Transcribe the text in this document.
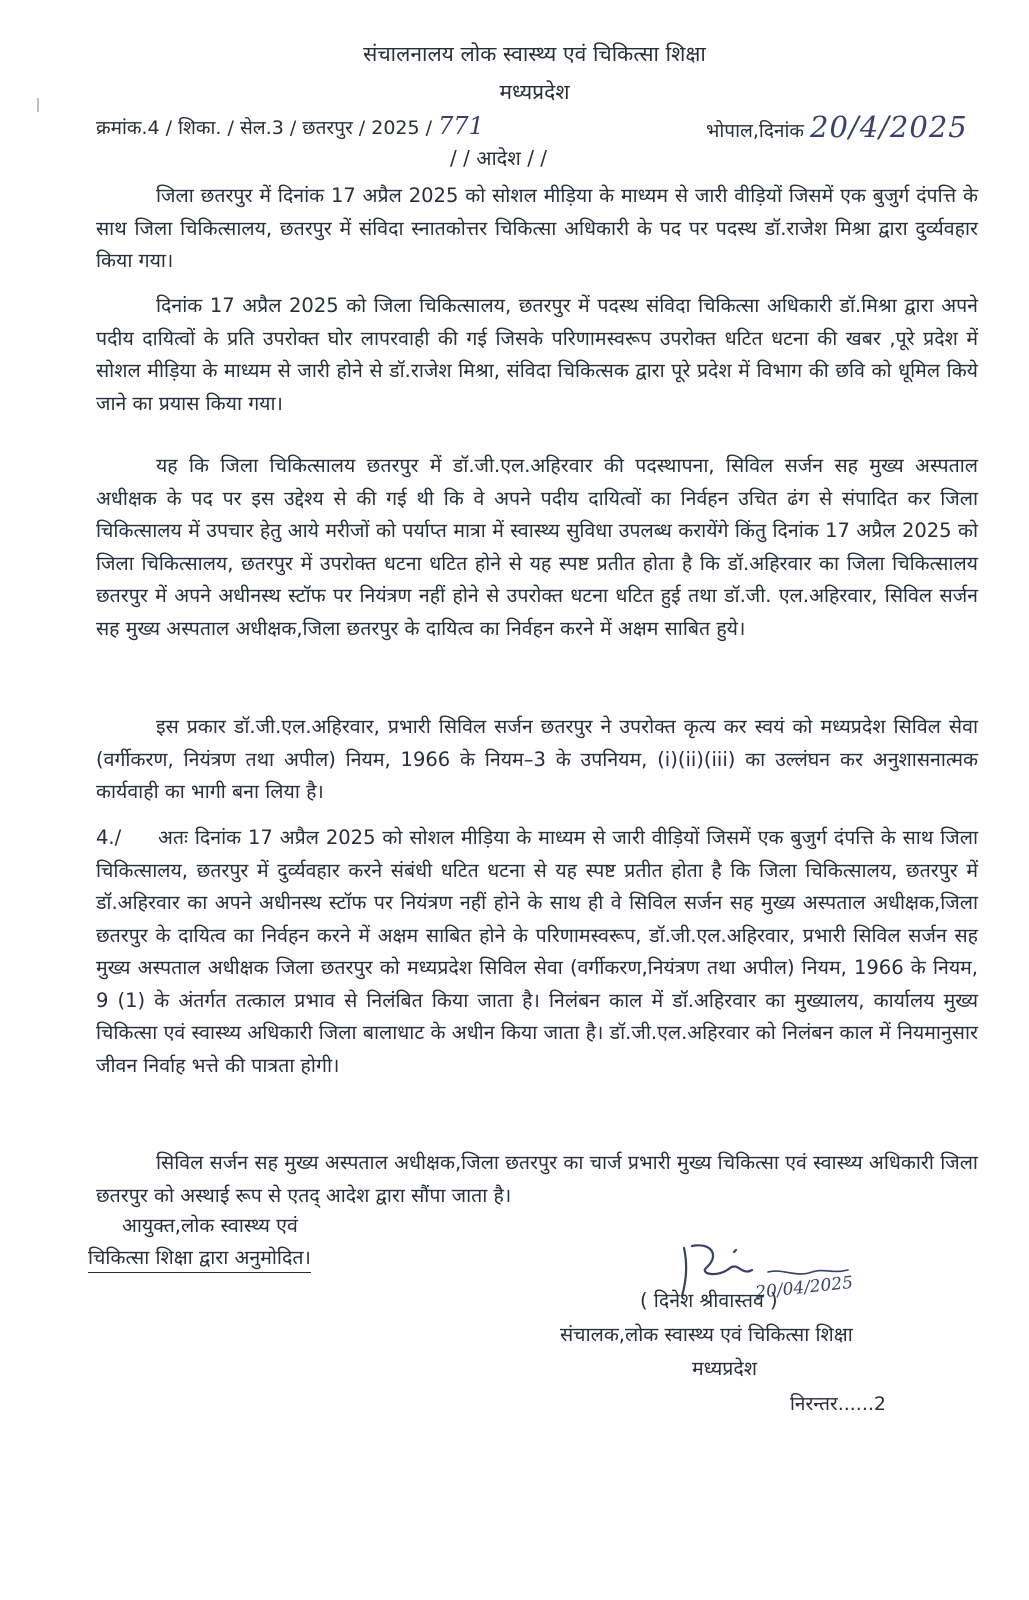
संचालनालय लोक स्वास्थ्य एवं चिकित्सा शिक्षा
मध्यप्रदेश
क्रमांक.4 / शिका. / सेल.3 / छतरपुर / 2025 / 771	भोपाल,दिनांक 20/4/2025
/ / आदेश / /
जिला छतरपुर में दिनांक 17 अप्रैल 2025 को सोशल मीड़िया के माध्यम से जारी वीड़ियों जिसमें एक बुजुर्ग दंपत्ति के साथ जिला चिकित्सालय, छतरपुर में संविदा स्नातकोत्तर चिकित्सा अधिकारी के पद पर पदस्थ डॉ.राजेश मिश्रा द्वारा दुर्व्यवहार किया गया।
दिनांक 17 अप्रैल 2025 को जिला चिकित्सालय, छतरपुर में पदस्थ संविदा चिकित्सा अधिकारी डॉ.मिश्रा द्वारा अपने पदीय दायित्वों के प्रति उपरोक्त घोर लापरवाही की गई जिसके परिणामस्वरूप उपरोक्त धटित धटना की खबर ,पूरे प्रदेश में सोशल मीड़िया के माध्यम से जारी होने से डॉ.राजेश मिश्रा, संविदा चिकित्सक द्वारा पूरे प्रदेश में विभाग की छवि को धूमिल किये जाने का प्रयास किया गया।
यह कि जिला चिकित्सालय छतरपुर में डॉ.जी.एल.अहिरवार की पदस्थापना, सिविल सर्जन सह मुख्य अस्पताल अधीक्षक के पद पर इस उद्देश्य से की गई थी कि वे अपने पदीय दायित्वों का निर्वहन उचित ढंग से संपादित कर जिला चिकित्सालय में उपचार हेतु आये मरीजों को पर्याप्त मात्रा में स्वास्थ्य सुविधा उपलब्ध करायेंगे किंतु दिनांक 17 अप्रैल 2025 को जिला चिकित्सालय, छतरपुर में उपरोक्त धटना धटित होने से यह स्पष्ट प्रतीत होता है कि डॉ.अहिरवार का जिला चिकित्सालय छतरपुर में अपने अधीनस्थ स्टॉफ पर नियंत्रण नहीं होने से उपरोक्त धटना धटित हुई तथा डॉ.जी. एल.अहिरवार, सिविल सर्जन सह मुख्य अस्पताल अधीक्षक,जिला छतरपुर के दायित्व का निर्वहन करने में अक्षम साबित हुये।
इस प्रकार डॉ.जी.एल.अहिरवार, प्रभारी सिविल सर्जन छतरपुर ने उपरोक्त कृत्य कर स्वयं को मध्यप्रदेश सिविल सेवा (वर्गीकरण, नियंत्रण तथा अपील) नियम, 1966 के नियम–3 के उपनियम, (i)(ii)(iii) का उल्लंघन कर अनुशासनात्मक कार्यवाही का भागी बना लिया है।
4./ अतः दिनांक 17 अप्रैल 2025 को सोशल मीड़िया के माध्यम से जारी वीड़ियों जिसमें एक बुजुर्ग दंपत्ति के साथ जिला चिकित्सालय, छतरपुर में दुर्व्यवहार करने संबंधी धटित धटना से यह स्पष्ट प्रतीत होता है कि जिला चिकित्सालय, छतरपुर में डॉ.अहिरवार का अपने अधीनस्थ स्टॉफ पर नियंत्रण नहीं होने के साथ ही वे सिविल सर्जन सह मुख्य अस्पताल अधीक्षक,जिला छतरपुर के दायित्व का निर्वहन करने में अक्षम साबित होने के परिणामस्वरूप, डॉ.जी.एल.अहिरवार, प्रभारी सिविल सर्जन सह मुख्य अस्पताल अधीक्षक जिला छतरपुर को मध्यप्रदेश सिविल सेवा (वर्गीकरण,नियंत्रण तथा अपील) नियम, 1966 के नियम, 9 (1) के अंतर्गत तत्काल प्रभाव से निलंबित किया जाता है। निलंबन काल में डॉ.अहिरवार का मुख्यालय, कार्यालय मुख्य चिकित्सा एवं स्वास्थ्य अधिकारी जिला बालाधाट के अधीन किया जाता है। डॉ.जी.एल.अहिरवार को निलंबन काल में नियमानुसार जीवन निर्वाह भत्ते की पात्रता होगी।
सिविल सर्जन सह मुख्य अस्पताल अधीक्षक,जिला छतरपुर का चार्ज प्रभारी मुख्य चिकित्सा एवं स्वास्थ्य अधिकारी जिला छतरपुर को अस्थाई रूप से एतद् आदेश द्वारा सौंपा जाता है।
आयुक्त,लोक स्वास्थ्य एवं
चिकित्सा शिक्षा द्वारा अनुमोदित।
20/04/2025
( दिनेश श्रीवास्तव )
संचालक,लोक स्वास्थ्य एवं चिकित्सा शिक्षा
मध्यप्रदेश
निरन्तर......2
